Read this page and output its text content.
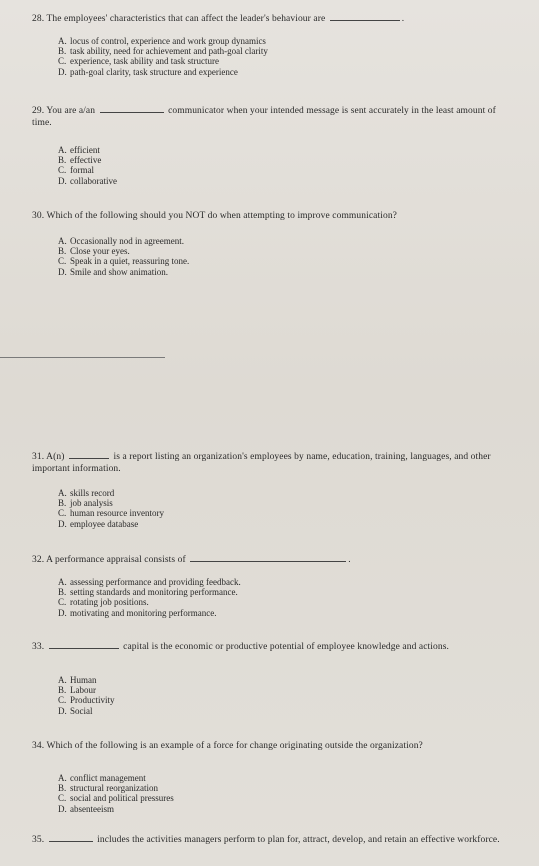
28. The employees' characteristics that can affect the leader's behaviour are	.
A. locus of control, experience and work group dynamics
B. task ability, need for achievement and path-goal clarity
C. experience, task ability and task structure
D. path-goal clarity, task structure and experience
29. You are a/an	communicator when your intended message is sent accurately in the least amount of time.
A. efficient
B. effective
C. formal
D. collaborative
30. Which of the following should you NOT do when attempting to improve communication?
A. Occasionally nod in agreement.
B. Close your eyes.
C. Speak in a quiet, reassuring tone.
D. Smile and show animation.
31. A(n)	is a report listing an organization's employees by name, education, training, languages, and other important information.
A. skills record
B. job analysis
C. human resource inventory
D. employee database
32. A performance appraisal consists of	.
A. assessing performance and providing feedback.
B. setting standards and monitoring performance.
C. rotating job positions.
D. motivating and monitoring performance.
33.	capital is the economic or productive potential of employee knowledge and actions.
A. Human
B. Labour
C. Productivity
D. Social
34. Which of the following is an example of a force for change originating outside the organization?
A. conflict management
B. structural reorganization
C. social and political pressures
D. absenteeism
35.	includes the activities managers perform to plan for, attract, develop, and retain an effective workforce.
